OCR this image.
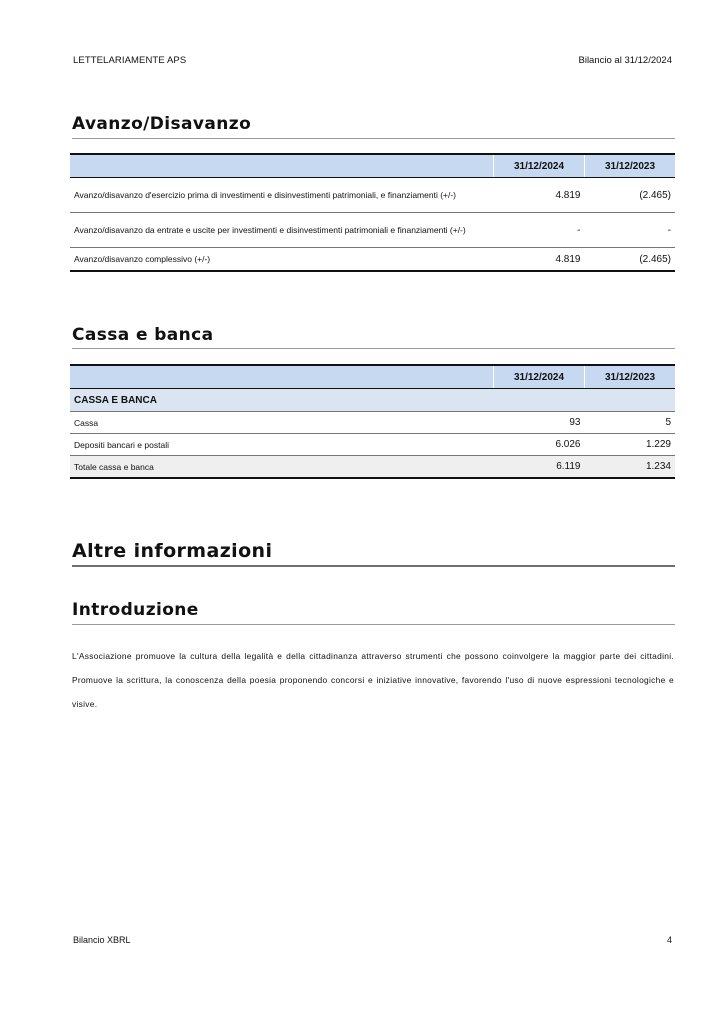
LETTELARIAMENTE APS	Bilancio al 31/12/2024
Avanzo/Disavanzo
	31/12/2024	31/12/2023
Avanzo/disavanzo d'esercizio prima di investimenti e disinvestimenti patrimoniali, e finanziamenti (+/-)	4.819	(2.465)
Avanzo/disavanzo da entrate e uscite per investimenti e disinvestimenti patrimoniali e finanziamenti (+/-)	-	-
Avanzo/disavanzo complessivo (+/-)	4.819	(2.465)
Cassa e banca
	31/12/2024	31/12/2023
CASSA E BANCA		
Cassa	93	5
Depositi bancari e postali	6.026	1.229
Totale cassa e banca	6.119	1.234
Altre informazioni
Introduzione
L'Associazione promuove la cultura della legalità e della cittadinanza attraverso strumenti che possono coinvolgere la maggior parte dei cittadini. Promuove la scrittura, la conoscenza della poesia proponendo concorsi e iniziative innovative, favorendo l'uso di nuove espressioni tecnologiche e visive.
Bilancio XBRL	4
